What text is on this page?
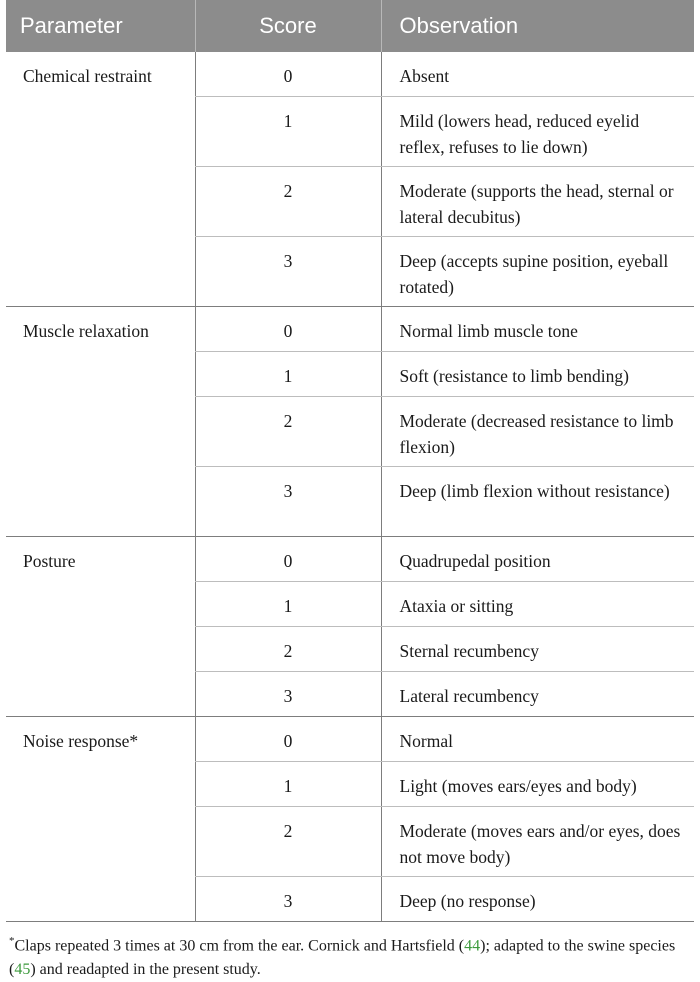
Parameter	Score	Observation
Chemical restraint	0	Absent
	1	Mild (lowers head, reduced eyelid reflex, refuses to lie down)
	2	Moderate (supports the head, sternal or lateral decubitus)
	3	Deep (accepts supine position, eyeball rotated)
Muscle relaxation	0	Normal limb muscle tone
	1	Soft (resistance to limb bending)
	2	Moderate (decreased resistance to limb flexion)
	3	Deep (limb flexion without resistance)
Posture	0	Quadrupedal position
	1	Ataxia or sitting
	2	Sternal recumbency
	3	Lateral recumbency
Noise response*	0	Normal
	1	Light (moves ears/eyes and body)
	2	Moderate (moves ears and/or eyes, does not move body)
	3	Deep (no response)
*Claps repeated 3 times at 30 cm from the ear. Cornick and Hartsfield (44); adapted to the swine species (45) and readapted in the present study.
